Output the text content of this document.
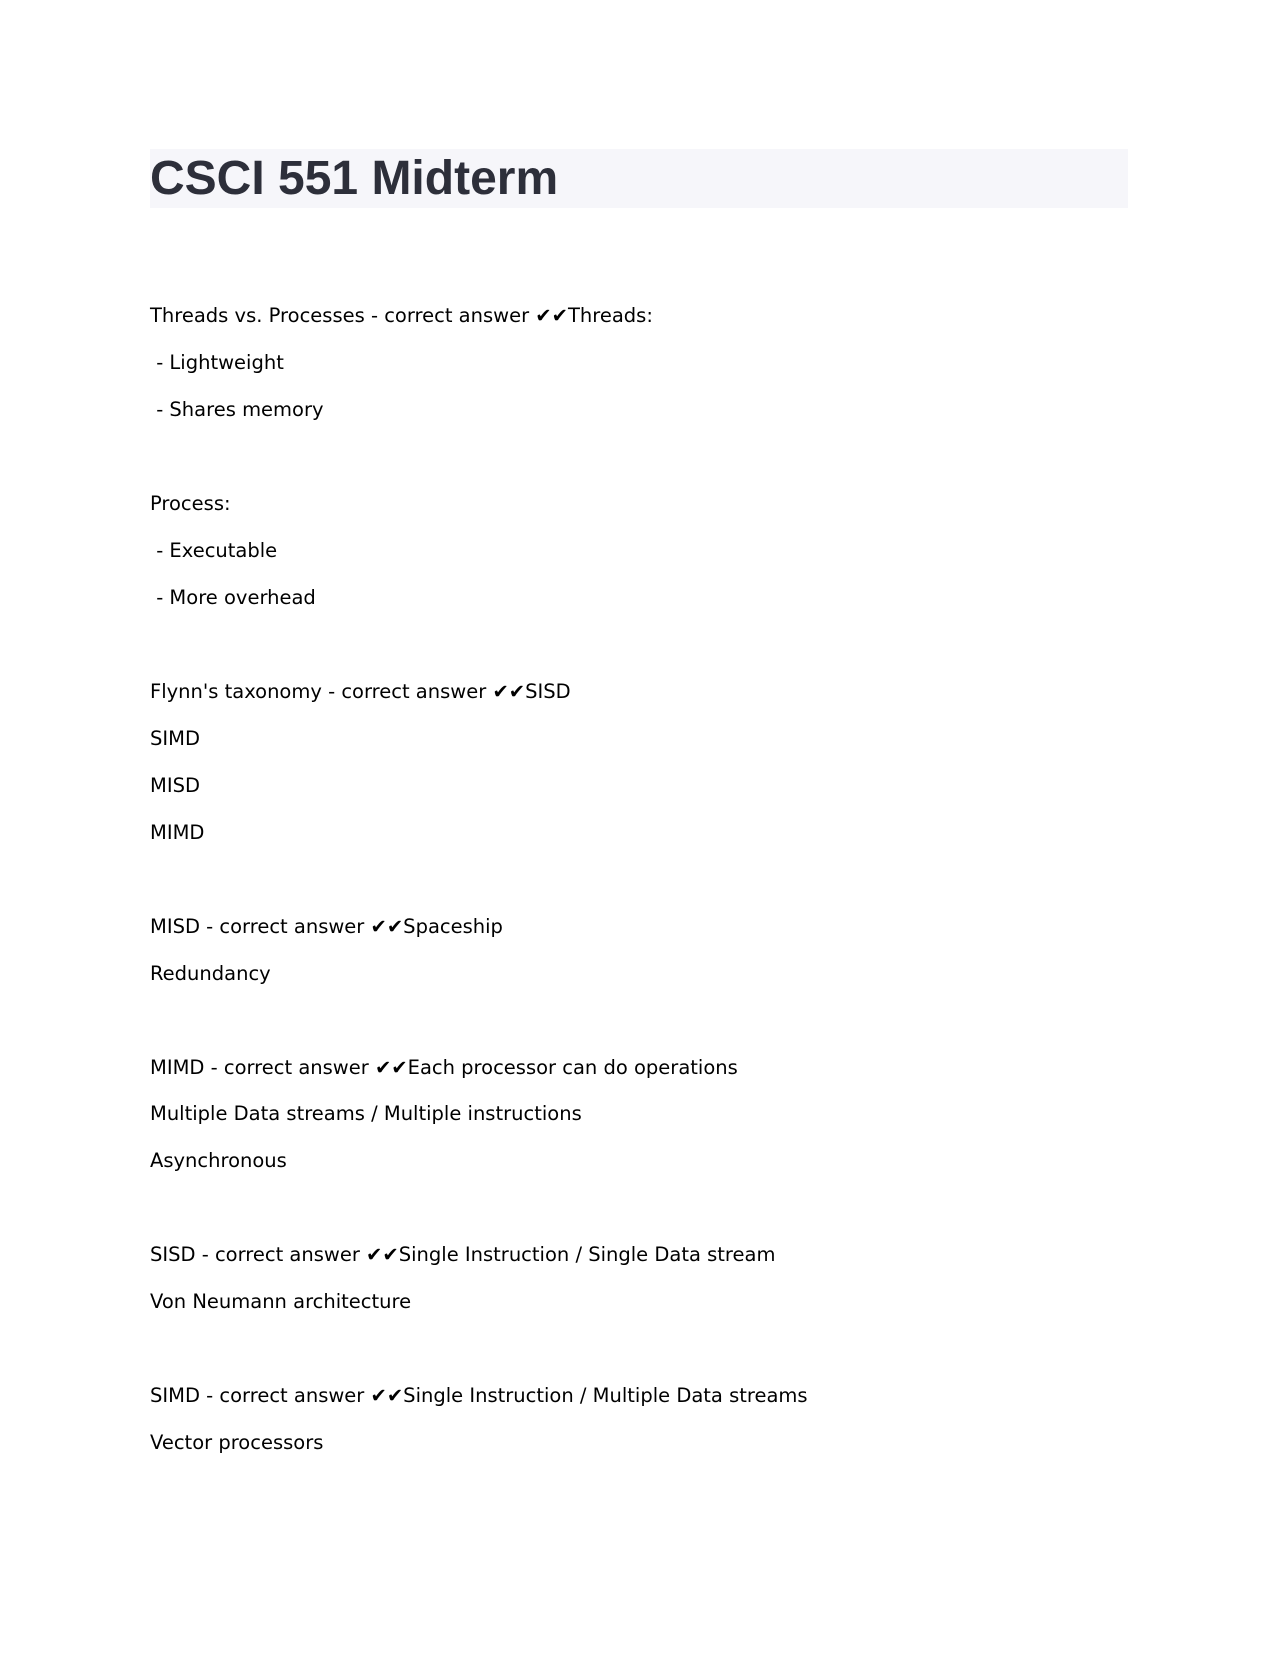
CSCI 551 Midterm

Threads vs. Processes - correct answer ✔✔Threads:

- Lightweight

- Shares memory

Process:

- Executable

- More overhead

Flynn's taxonomy - correct answer ✔✔SISD

SIMD

MISD

MIMD

MISD - correct answer ✔✔Spaceship

Redundancy

MIMD - correct answer ✔✔Each processor can do operations

Multiple Data streams / Multiple instructions

Asynchronous

SISD - correct answer ✔✔Single Instruction / Single Data stream

Von Neumann architecture

SIMD - correct answer ✔✔Single Instruction / Multiple Data streams

Vector processors
